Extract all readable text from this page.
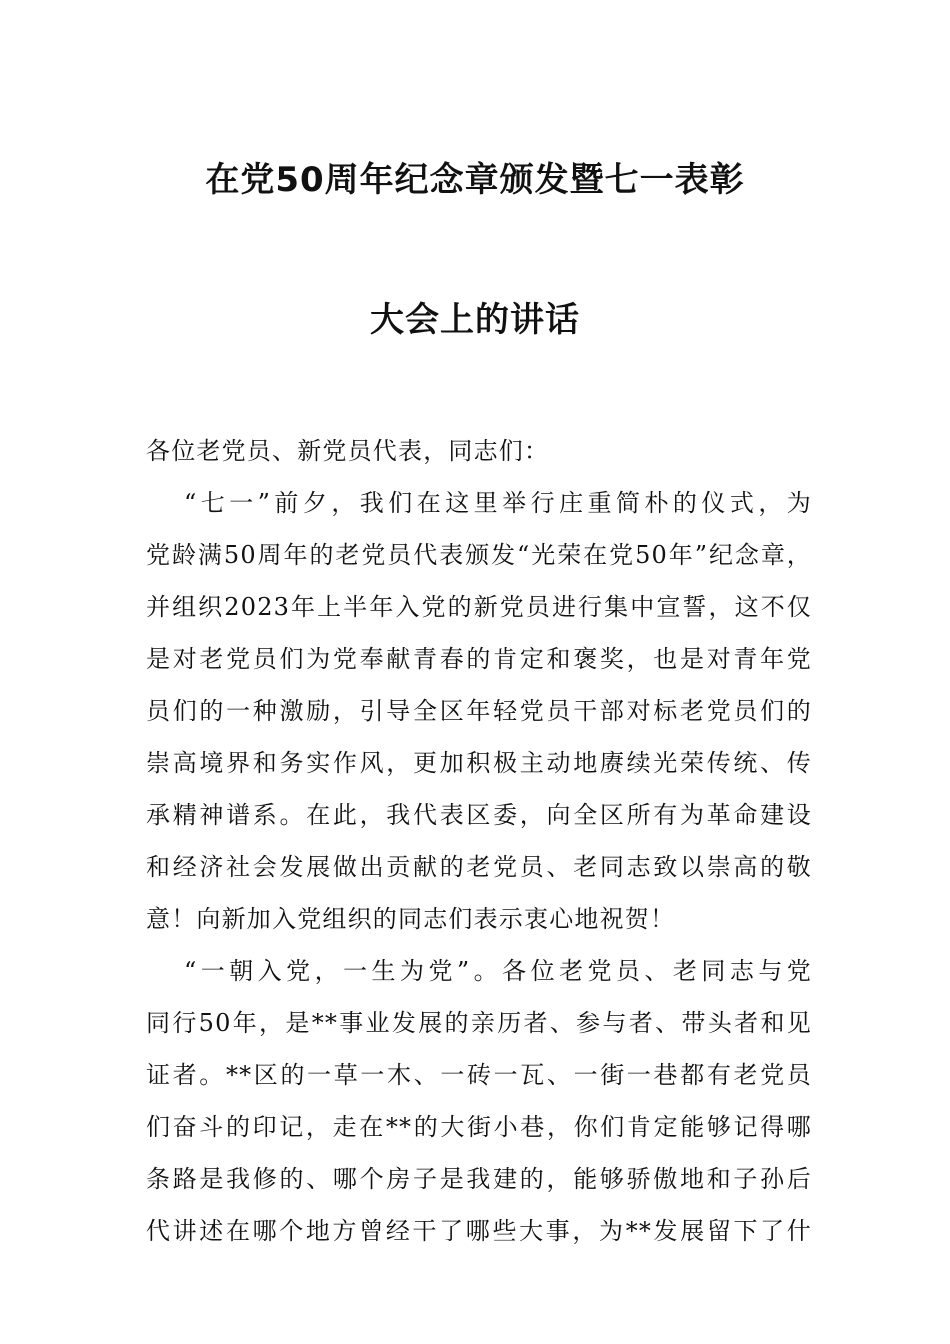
在党50周年纪念章颁发暨七一表彰
大会上的讲话
各位老党员、新党员代表，同志们：
“七一”前夕，我们在这里举行庄重简朴的仪式，为
党龄满50周年的老党员代表颁发“光荣在党50年”纪念章，
并组织2023年上半年入党的新党员进行集中宣誓，这不仅
是对老党员们为党奉献青春的肯定和褒奖，也是对青年党
员们的一种激励，引导全区年轻党员干部对标老党员们的
崇高境界和务实作风，更加积极主动地赓续光荣传统、传
承精神谱系。在此，我代表区委，向全区所有为革命建设
和经济社会发展做出贡献的老党员、老同志致以崇高的敬
意！向新加入党组织的同志们表示衷心地祝贺！
“一朝入党，一生为党”。各位老党员、老同志与党
同行50年，是**事业发展的亲历者、参与者、带头者和见
证者。**区的一草一木、一砖一瓦、一街一巷都有老党员
们奋斗的印记，走在**的大街小巷，你们肯定能够记得哪
条路是我修的、哪个房子是我建的，能够骄傲地和子孙后
代讲述在哪个地方曾经干了哪些大事，为**发展留下了什
